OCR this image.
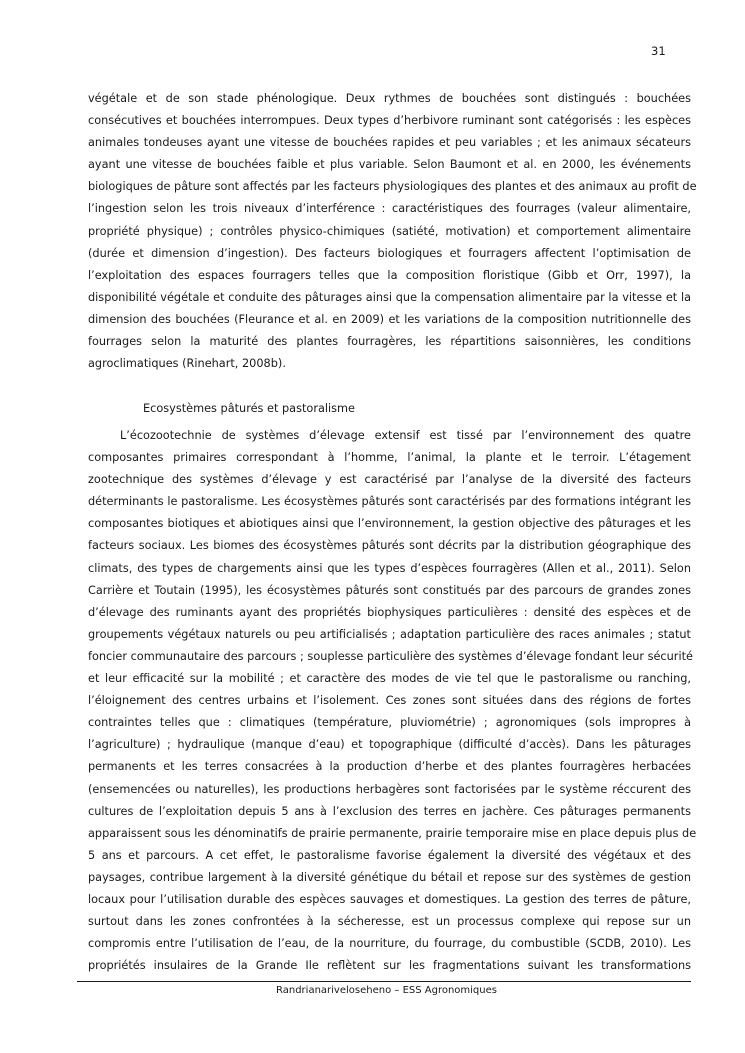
31

végétale et de son stade phénologique. Deux rythmes de bouchées sont distingués : bouchées
consécutives et bouchées interrompues. Deux types d’herbivore ruminant sont catégorisés : les espèces
animales tondeuses ayant une vitesse de bouchées rapides et peu variables ; et les animaux sécateurs
ayant une vitesse de bouchées faible et plus variable. Selon Baumont et al. en 2000, les événements
biologiques de pâture sont affectés par les facteurs physiologiques des plantes et des animaux au profit de
l’ingestion selon les trois niveaux d’interférence : caractéristiques des fourrages (valeur alimentaire,
propriété physique) ; contrôles physico-chimiques (satiété, motivation) et comportement alimentaire
(durée et dimension d’ingestion). Des facteurs biologiques et fourragers affectent l’optimisation de
l’exploitation des espaces fourragers telles que la composition floristique (Gibb et Orr, 1997), la
disponibilité végétale et conduite des pâturages ainsi que la compensation alimentaire par la vitesse et la
dimension des bouchées (Fleurance et al. en 2009) et les variations de la composition nutritionnelle des
fourrages selon la maturité des plantes fourragères, les répartitions saisonnières, les conditions
agroclimatiques (Rinehart, 2008b).

Ecosystèmes pâturés et pastoralisme

L’écozootechnie de systèmes d’élevage extensif est tissé par l’environnement des quatre
composantes primaires correspondant à l’homme, l’animal, la plante et le terroir. L’étagement
zootechnique des systèmes d’élevage y est caractérisé par l’analyse de la diversité des facteurs
déterminants le pastoralisme. Les écosystèmes pâturés sont caractérisés par des formations intégrant les
composantes biotiques et abiotiques ainsi que l’environnement, la gestion objective des pâturages et les
facteurs sociaux. Les biomes des écosystèmes pâturés sont décrits par la distribution géographique des
climats, des types de chargements ainsi que les types d’espèces fourragères (Allen et al., 2011). Selon
Carrière et Toutain (1995), les écosystèmes pâturés sont constitués par des parcours de grandes zones
d’élevage des ruminants ayant des propriétés biophysiques particulières : densité des espèces et de
groupements végétaux naturels ou peu artificialisés ; adaptation particulière des races animales ; statut
foncier communautaire des parcours ; souplesse particulière des systèmes d’élevage fondant leur sécurité
et leur efficacité sur la mobilité ; et caractère des modes de vie tel que le pastoralisme ou ranching,
l’éloignement des centres urbains et l’isolement. Ces zones sont situées dans des régions de fortes
contraintes telles que : climatiques (température, pluviométrie) ; agronomiques (sols impropres à
l’agriculture) ; hydraulique (manque d’eau) et topographique (difficulté d’accès). Dans les pâturages
permanents et les terres consacrées à la production d’herbe et des plantes fourragères herbacées
(ensemencées ou naturelles), les productions herbagères sont factorisées par le système réccurent des
cultures de l’exploitation depuis 5 ans à l’exclusion des terres en jachère. Ces pâturages permanents
apparaissent sous les dénominatifs de prairie permanente, prairie temporaire mise en place depuis plus de
5 ans et parcours. A cet effet, le pastoralisme favorise également la diversité des végétaux et des
paysages, contribue largement à la diversité génétique du bétail et repose sur des systèmes de gestion
locaux pour l’utilisation durable des espèces sauvages et domestiques. La gestion des terres de pâture,
surtout dans les zones confrontées à la sécheresse, est un processus complexe qui repose sur un
compromis entre l’utilisation de l’eau, de la nourriture, du fourrage, du combustible (SCDB, 2010). Les
propriétés insulaires de la Grande Ile reflètent sur les fragmentations suivant les transformations

Randrianariveloseheno – ESS Agronomiques
